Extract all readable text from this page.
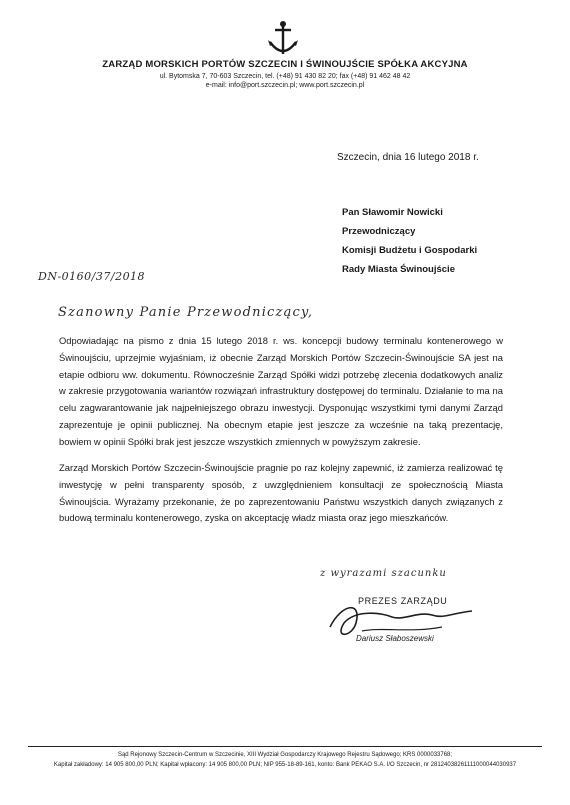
ZARZĄD MORSKICH PORTÓW SZCZECIN I ŚWINOUJŚCIE SPÓŁKA AKCYJNA
ul. Bytomska 7, 70-603 Szczecin, tel. (+48) 91 430 82 20; fax (+48) 91 462 48 42
e-mail: info@port.szczecin.pl; www.port.szczecin.pl
Szczecin, dnia 16 lutego 2018 r.
Pan Sławomir Nowicki
Przewodniczący
Komisji Budżetu i Gospodarki
Rady Miasta Świnoujście
DN-0160/37/2018
Szanowny Panie Przewodniczący,
Odpowiadając na pismo z dnia 15 lutego 2018 r. ws. koncepcji budowy terminalu kontenerowego w Świnoujściu, uprzejmie wyjaśniam, iż obecnie Zarząd Morskich Portów Szczecin-Świnoujście SA jest na etapie odbioru ww. dokumentu. Równocześnie Zarząd Spółki widzi potrzebę zlecenia dodatkowych analiz w zakresie przygotowania wariantów rozwiązań infrastruktury dostępowej do terminalu. Działanie to ma na celu zagwarantowanie jak najpełniejszego obrazu inwestycji. Dysponując wszystkimi tymi danymi Zarząd zaprezentuje je opinii publicznej. Na obecnym etapie jest jeszcze za wcześnie na taką prezentację, bowiem w opinii Spółki brak jest jeszcze wszystkich zmiennych w powyższym zakresie.
Zarząd Morskich Portów Szczecin-Świnoujście pragnie po raz kolejny zapewnić, iż zamierza realizować tę inwestycję w pełni transparenty sposób, z uwzględnieniem konsultacji ze społecznością Miasta Świnoujścia. Wyrażamy przekonanie, że po zaprezentowaniu Państwu wszystkich danych związanych z budową terminalu kontenerowego, zyska on akceptację władz miasta oraz jego mieszkańców.
z wyrazami szacunku
PREZES ZARZĄDU
Dariusz Słaboszewski
Sąd Rejonowy Szczecin-Centrum w Szczecinie, XIII Wydział Gospodarczy Krajowego Rejestru Sądowego; KRS 0000033768;
Kapitał zakładowy: 14 905 800,00 PLN; Kapitał wpłacony: 14 905 800,00 PLN; NIP 955-18-89-161, konto: Bank PEKAO S.A. I/O Szczecin, nr 28124038261111000044030937
